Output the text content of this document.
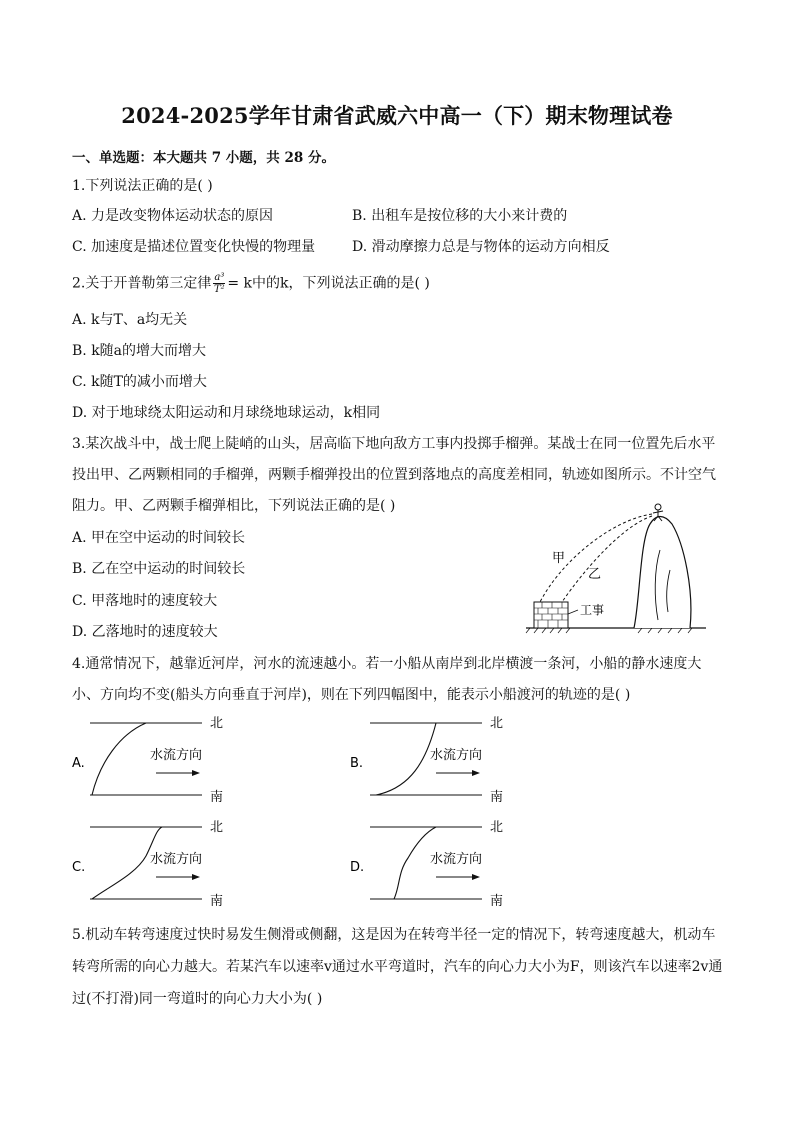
2024-2025学年甘肃省武威六中高一（下）期末物理试卷
一、单选题：本大题共 7 小题，共 28 分。
1.下列说法正确的是( )
A. 力是改变物体运动状态的原因	B. 出租车是按位移的大小来计费的
C. 加速度是描述位置变化快慢的物理量	D. 滑动摩擦力总是与物体的运动方向相反
2.关于开普勒第三定律 $\frac{\text{a³}}{\text{T²}} = k$中的k，下列说法正确的是( )
A. k与T、a均无关
B. k随a的增大而增大
C. k随T的减小而增大
D. 对于地球绕太阳运动和月球绕地球运动，k相同
3.某次战斗中，战士爬上陡峭的山头，居高临下地向敌方工事内投掷手榴弹。某战士在同一位置先后水平
投出甲、乙两颗相同的手榴弹，两颗手榴弹投出的位置到落地点的高度差相同，轨迹如图所示。不计空气
阻力。甲、乙两颗手榴弹相比，下列说法正确的是( )
A. 甲在空中运动的时间较长
B. 乙在空中运动的时间较长
C. 甲落地时的速度较大
D. 乙落地时的速度较大
甲
乙
工事
4.通常情况下，越靠近河岸，河水的流速越小。若一小船从南岸到北岸横渡一条河，小船的静水速度大
小、方向均不变(船头方向垂直于河岸)，则在下列四幅图中，能表示小船渡河的轨迹的是( )
A.
北
南
水流方向
B.
北
南
水流方向
C.
北
南
水流方向
D.
北
南
水流方向
5.机动车转弯速度过快时易发生侧滑或侧翻，这是因为在转弯半径一定的情况下，转弯速度越大，机动车
转弯所需的向心力越大。若某汽车以速率v通过水平弯道时，汽车的向心力大小为F，则该汽车以速率2v通
过(不打滑)同一弯道时的向心力大小为( )
